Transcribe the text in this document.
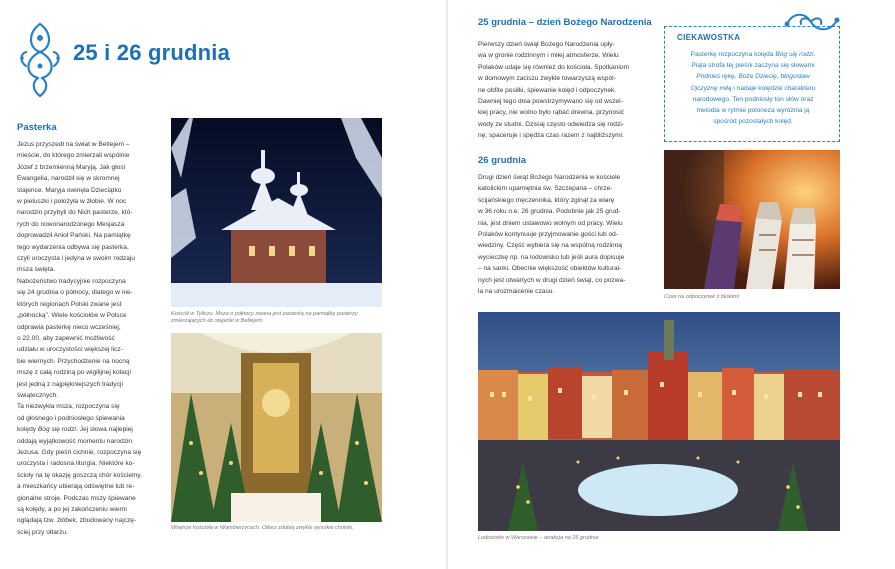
25 i 26 grudnia
Pasterka

Jezus przyszedł na świat w Betlejem –

mieście, do którego zmierzali wspólnie

Józef z brzemienną Maryją. Jak głosi

Ewangelia, narodził się w skromnej

stajence. Maryja owinęła Dzieciątko

w pieluszki i położyła w żłobie. W noc

narodzin przybyli do Nich pasterze, któ-

rych do nowonarodzonego Mesjasza

doprowadził Anioł Pański. Na pamiątkę

tego wydarzenia odbywa się pasterka,

czyli uroczysta i jedyna w swoim rodzaju

msza święta.

Nabożeństwo tradycyjnie rozpoczyna

się 24 grudnia o północy, dlatego w nie-

których regionach Polski zwane jest

„północką”. Wiele kościołów w Polsce

odprawia pasterkę nieco wcześniej,

o 22.00, aby zapewnić możliwość

udziału w uroczystości większej licz-

bie wiernych. Przychodzenie na nocną

mszę z całą rodziną po wigilijnej kolacji

jest jedną z najpiękniejszych tradycji

świątecznych.

Ta niezwykła msza, rozpoczyna się

od głośnego i podniosłego śpiewania

kolędy Bóg się rodzi. Jej słowa najlepiej

oddają wyjątkowość momentu narodzin

Jezusa. Gdy pieśń cichnie, rozpoczyna się

uroczysta i radosna liturgia. Niektóre ko-

ścioły na tę okazję goszczą chór kościelny,

a mieszkańcy ubierają odświętne lub re-

gionalne stroje. Podczas mszy śpiewane

są kolędy, a po jej zakończeniu wierni

oglądają tzw. żłóbek, zbudowany najczę-

ściej przy ołtarzu.

Kościół w Tyliczu. Msza o północy zwana jest pasterką na pamiątkę pasterzy zmierzających do stajenki w Betlejem.
Wnętrze kościoła w Wambierzycach. Ołtarz zdobią zwykle wysokie choinki.
25 grudnia – dzień Bożego Narodzenia

Pierwszy dzień świąt Bożego Narodzenia upły-

wa w gronie rodzinnym i miłej atmosferze. Wielu

Polaków udaje się również do kościoła. Spotkaniom

w domowym zaciszu zwykle towarzyszą wspól-

ne obfite posiłki, śpiewanie kolęd i odpoczynek.

Dawniej tego dnia powstrzymywano się od wszel-

kiej pracy, nie wolno było rąbać drewna, przynosić

wody ze studni. Dzisiaj często odwiedza się rodzi-

nę, spaceruje i spędza czas razem z najbliższymi.

26 grudnia

Drugi dzień świąt Bożego Narodzenia w kościele

katolickim upamiętnia św. Szczepana – chrze-

ścijańskiego męczennika, który zginął za wiarę

w 36 roku n.e. 26 grudnia. Podobnie jak 25 grud-

nia, jest dniem ustawowo wolnym od pracy. Wielu

Polaków kontynuuje przyjmowanie gości lub od-

wiedziny. Część wybiera się na wspólną rodzinną

wycieczkę np. na lodowisko lub jeśli aura dopisuje

– na sanki. Obecnie większość obiektów kultural-

nych jest otwartych w drugi dzień świąt, co pozwa-

la na urozmaicenie czasu.

CIEKAWOSTKA

Pasterkę rozpoczyna kolęda Bóg się rodzi.

Piąta strofa tej pieśni zaczyna się słowami

Podnieś rękę, Boże Dziecię, błogosław

Ojczyznę miłą i nadaje kolędzie charakteru

narodowego. Ten podniosły ton słów oraz

melodia w rytmie poloneza wyróżnia ją

spośród pozostałych kolęd.

Czas na odpoczynek z bliskimi
Lodowisko w Warszawie – atrakcja na 26 grudnia
